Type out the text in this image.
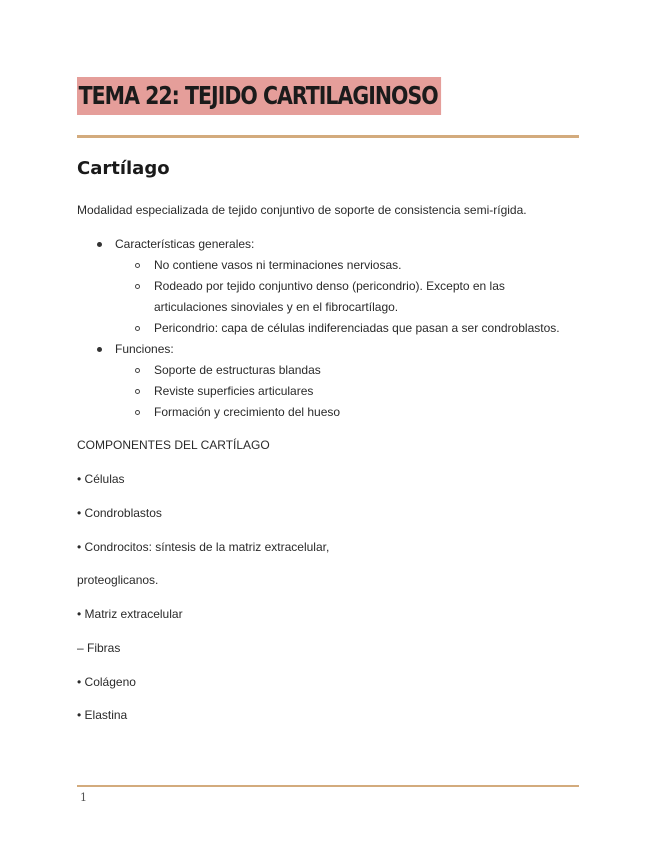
TEMA 22: TEJIDO CARTILAGINOSO
Cartílago
Modalidad especializada de tejido conjuntivo de soporte de consistencia semi-rígida.
Características generales:
No contiene vasos ni terminaciones nerviosas.
Rodeado por tejido conjuntivo denso (pericondrio). Excepto en las
articulaciones sinoviales y en el fibrocartílago.
Pericondrio: capa de células indiferenciadas que pasan a ser condroblastos.
Funciones:
Soporte de estructuras blandas
Reviste superficies articulares
Formación y crecimiento del hueso
COMPONENTES DEL CARTÍLAGO
• Células
• Condroblastos
• Condrocitos: síntesis de la matriz extracelular,
proteoglicanos.
• Matriz extracelular
– Fibras
• Colágeno
• Elastina
1
